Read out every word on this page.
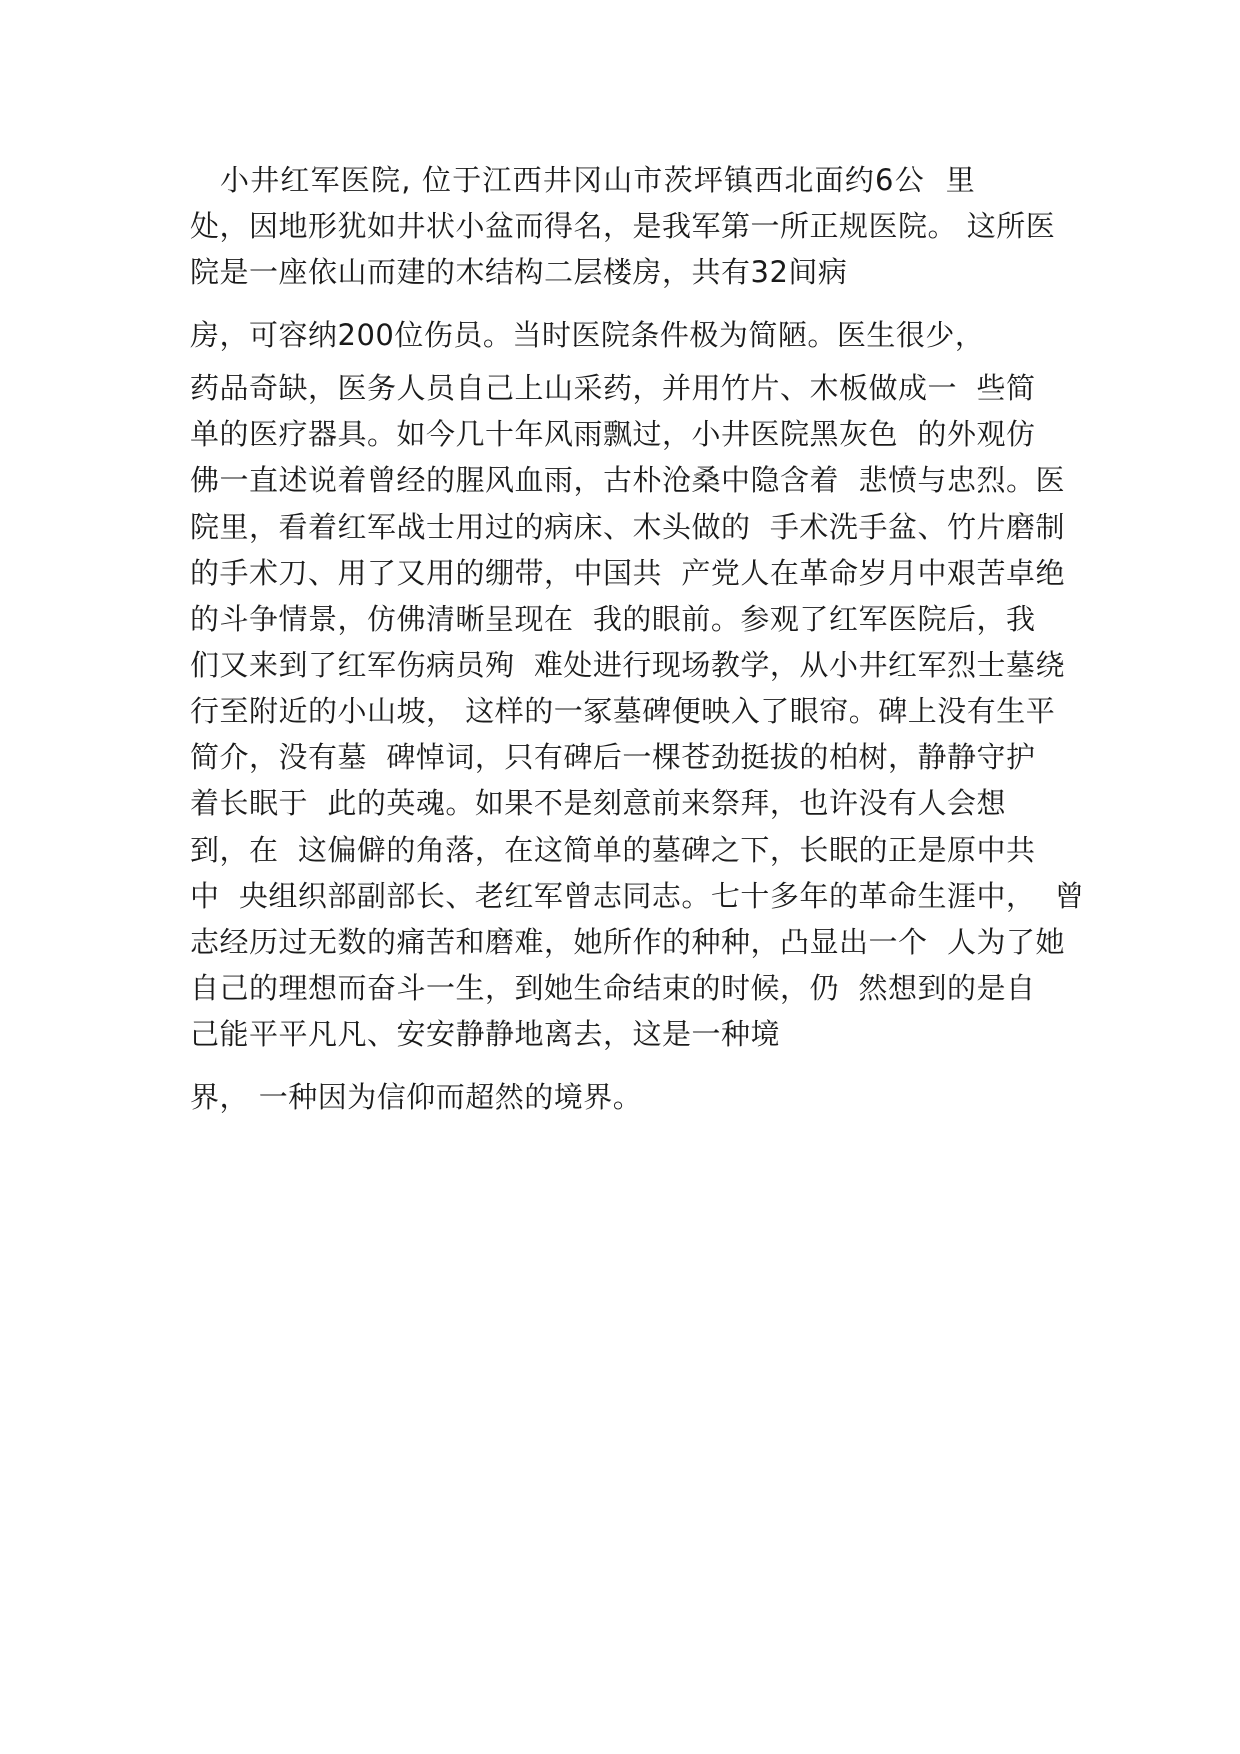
小井红军医院, 位于江西井冈山市茨坪镇西北面约6公  里
处，因地形犹如井状小盆而得名，是我军第一所正规医院。 这所医
院是一座依山而建的木结构二层楼房，共有32间病
房，可容纳200位伤员。当时医院条件极为简陋。医生很少，
药品奇缺，医务人员自己上山采药，并用竹片、木板做成一  些简
单的医疗器具。如今几十年风雨飘过，小井医院黑灰色  的外观仿
佛一直述说着曾经的腥风血雨，古朴沧桑中隐含着  悲愤与忠烈。医
院里，看着红军战士用过的病床、木头做的  手术洗手盆、竹片磨制
的手术刀、用了又用的绷带，中国共  产党人在革命岁月中艰苦卓绝
的斗争情景，仿佛清晰呈现在  我的眼前。参观了红军医院后，我
们又来到了红军伤病员殉  难处进行现场教学，从小井红军烈士墓绕
行至附近的小山坡， 这样的一冢墓碑便映入了眼帘。碑上没有生平
简介，没有墓  碑悼词，只有碑后一棵苍劲挺拔的柏树，静静守护
着长眠于  此的英魂。如果不是刻意前来祭拜，也许没有人会想
到，在  这偏僻的角落，在这简单的墓碑之下，长眠的正是原中共
中  央组织部副部长、老红军曾志同志。七十多年的革命生涯中，  曾
志经历过无数的痛苦和磨难，她所作的种种，凸显出一个  人为了她
自己的理想而奋斗一生，到她生命结束的时候，仍  然想到的是自
己能平平凡凡、安安静静地离去，这是一种境
界， 一种因为信仰而超然的境界。
